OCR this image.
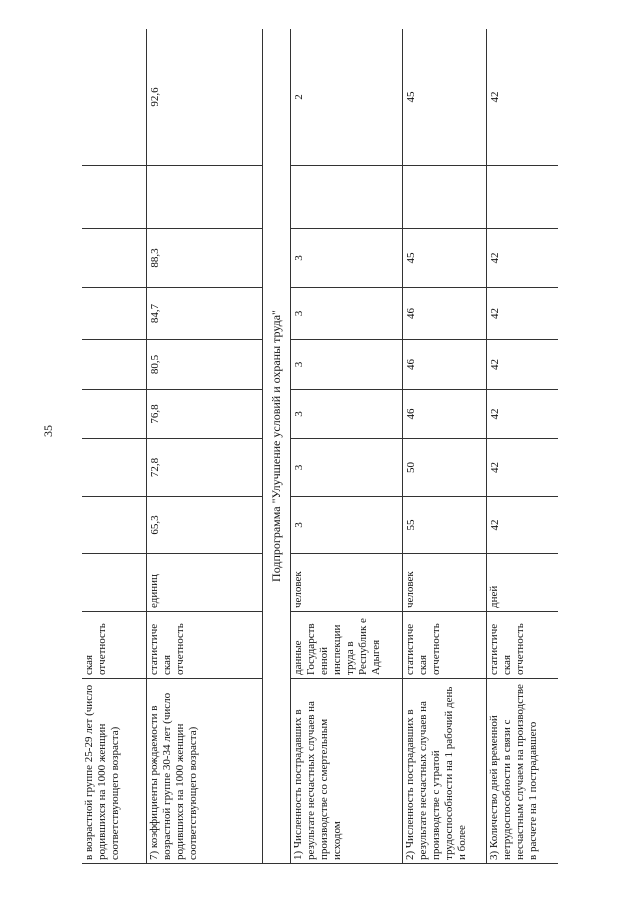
35
в возрастной группе 25-29 лет (число родившихся на 1000 женщин соответствующего возраста)	ская отчетность									
7) коэффициенты рождаемости в возрастной группе 30-34 лет (число родившихся на 1000 женщин соответствующего возраста)	статистиче ская отчетность	единиц	65,3	72,8	76,8	80,5	84,7	88,3		92,6
Подпрограмма "Улучшение условий и охраны труда"										
1) Численность пострадавших в результате несчастных случаев на производстве со смертельным исходом	данные Государств енной инспекции труда в Республик е Адыгея	человек	3	3	3	3	3	3		2
2) Численность пострадавших в результате несчастных случаев на производстве с утратой трудоспособности на 1 рабочий день и более	статистиче ская отчетность	человек	55	50	46	46	46	45		45
3) Количество дней временной нетрудоспособности в связи с несчастным случаем на производстве в расчете на 1 пострадавшего	статистиче ская отчетность	дней	42	42	42	42	42	42		42
